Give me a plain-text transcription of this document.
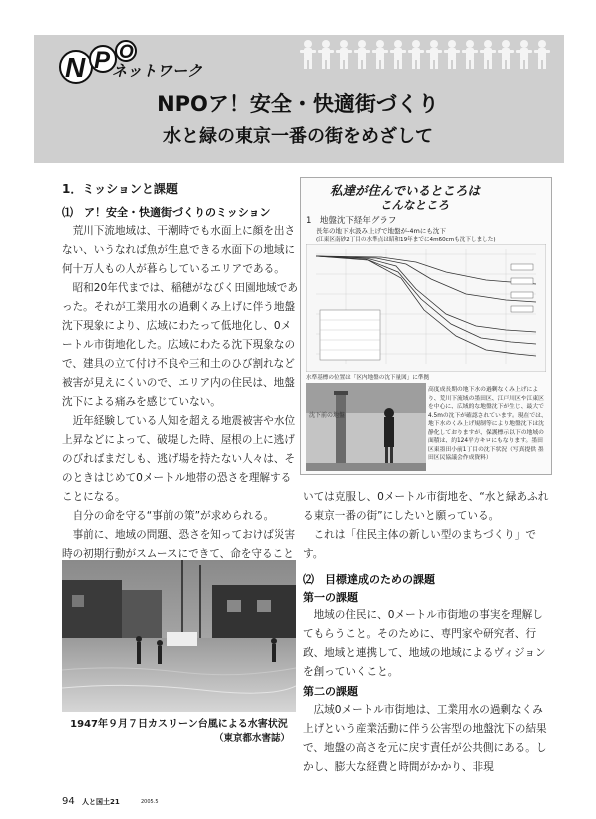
N P O
ネットワーク
NPOア！安全・快適街づくり
水と緑の東京一番の街をめざして
1．ミッションと課題
⑴　ア！安全・快適街づくりのミッション

荒川下流地域は、干潮時でも水面上に顔を出さない、いうなれば魚が生息できる水面下の地域に何十万人もの人が暮らしているエリアである。

昭和20年代までは、稲穂がなびく田園地域であった。それが工業用水の過剰くみ上げに伴う地盤沈下現象により、広域にわたって低地化し、0メートル市街地化した。広域にわたる沈下現象なので、建具の立て付け不良や三和土のひび割れなど被害が見えにくいので、エリア内の住民は、地盤沈下による痛みを感じていない。

近年経験している人知を超える地震被害や水位上昇などによって、破堤した時、屋根の上に逃げのびればまだしも、逃げ場を持たない人々は、そのときはじめて0メートル地帯の恐さを理解することになる。

自分の命を守る“事前の策”が求められる。

事前に、地域の問題、恐さを知っておけば災害時の初期行動がスムースにできて、命を守ること

1947年９月７日カスリーン台風による水害状況
（東京都水害誌）
私達が住んでいるところは
こんなところ
1　地盤沈下経年グラフ
長年の地下水汲み上げで地盤が-4mにも沈下
(江東区南砂2丁目の水準点は昭和19年までに4m60cmも沈下しました)
水準基標の位置は「区内地盤の沈下量図」に準拠
沈下前の地盤
高度成長期の地下水の過剰なくみ上げにより、荒川下流域の墨田区、江戸川区や江東区を中心に、広域的な地盤沈下が生じ、最大で4.5mの沈下が確認されています。現在では、地下水のくみ上げ規制等により地盤沈下は沈静化しておりますが、保護標示以下の地域の面積は、約124平方キロにもなります。墨田区東墨田小前1丁目の沈下状況（写真提供 墨田区民協議会作成資料）

いては克服し、0メートル市街地を、“水と緑あふれる東京一番の街”にしたいと願っている。

これは「住民主体の新しい型のまちづくり」です。

⑵　目標達成のための課題
第一の課題

地域の住民に、0メートル市街地の事実を理解してもらうこと。そのために、専門家や研究者、行政、地域と連携して、地域の地域によるヴィジョンを創っていくこと。

第二の課題

広域0メートル市街地は、工業用水の過剰なくみ上げという産業活動に伴う公害型の地盤沈下の結果で、地盤の高さを元に戻す責任が公共側にある。しかし、膨大な経費と時間がかかり、非現

94 人と国土21	2005.5
